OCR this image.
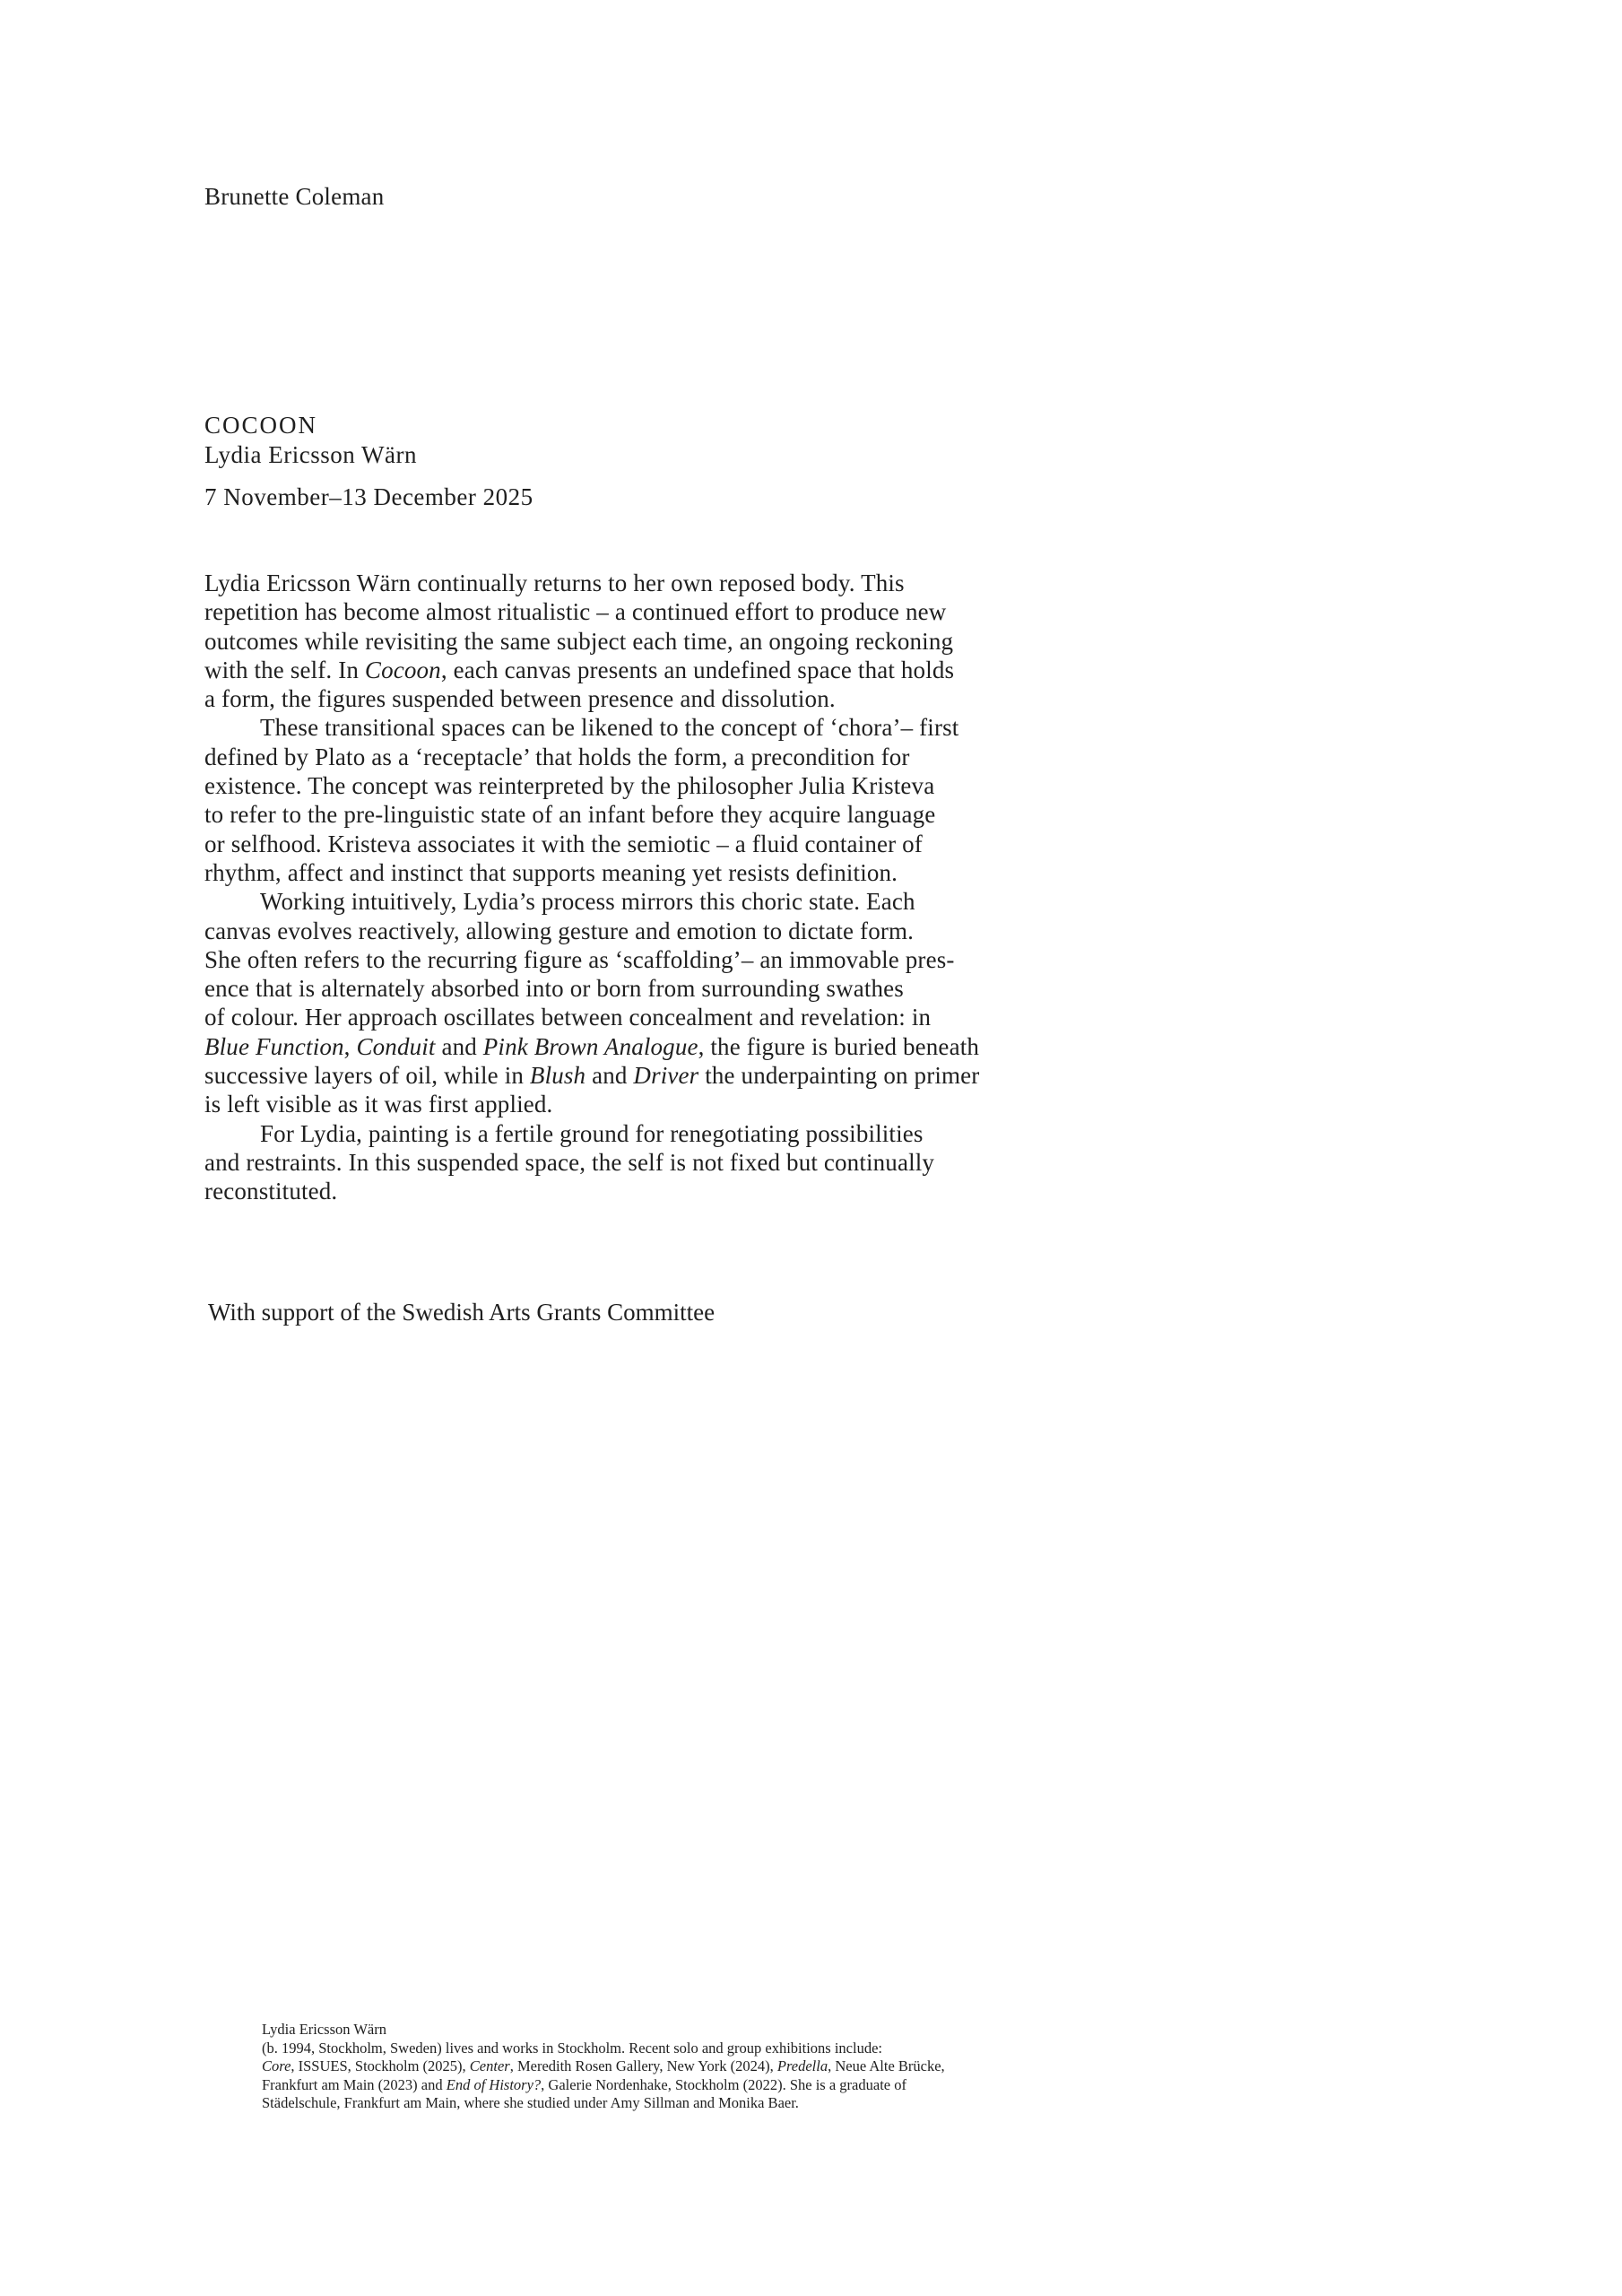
Brunette Coleman
COCOON
Lydia Ericsson Wärn
7 November–13 December 2025
Lydia Ericsson Wärn continually returns to her own reposed body. This
repetition has become almost ritualistic – a continued effort to produce new
outcomes while revisiting the same subject each time, an ongoing reckoning
with the self. In Cocoon, each canvas presents an undefined space that holds
a form, the figures suspended between presence and dissolution.
These transitional spaces can be likened to the concept of ‘chora’– first
defined by Plato as a ‘receptacle’ that holds the form, a precondition for
existence. The concept was reinterpreted by the philosopher Julia Kristeva
to refer to the pre-linguistic state of an infant before they acquire language
or selfhood. Kristeva associates it with the semiotic – a fluid container of
rhythm, affect and instinct that supports meaning yet resists definition.
Working intuitively, Lydia’s process mirrors this choric state. Each
canvas evolves reactively, allowing gesture and emotion to dictate form.
She often refers to the recurring figure as ‘scaffolding’– an immovable pres-
ence that is alternately absorbed into or born from surrounding swathes
of colour. Her approach oscillates between concealment and revelation: in
Blue Function, Conduit and Pink Brown Analogue, the figure is buried beneath
successive layers of oil, while in Blush and Driver the underpainting on primer
is left visible as it was first applied.
For Lydia, painting is a fertile ground for renegotiating possibilities
and restraints. In this suspended space, the self is not fixed but continually
reconstituted.
With support of the Swedish Arts Grants Committee
Lydia Ericsson Wärn
(b. 1994, Stockholm, Sweden) lives and works in Stockholm. Recent solo and group exhibitions include:
Core, ISSUES, Stockholm (2025), Center, Meredith Rosen Gallery, New York (2024), Predella, Neue Alte Brücke,
Frankfurt am Main (2023) and End of History?, Galerie Nordenhake, Stockholm (2022). She is a graduate of
Städelschule, Frankfurt am Main, where she studied under Amy Sillman and Monika Baer.
